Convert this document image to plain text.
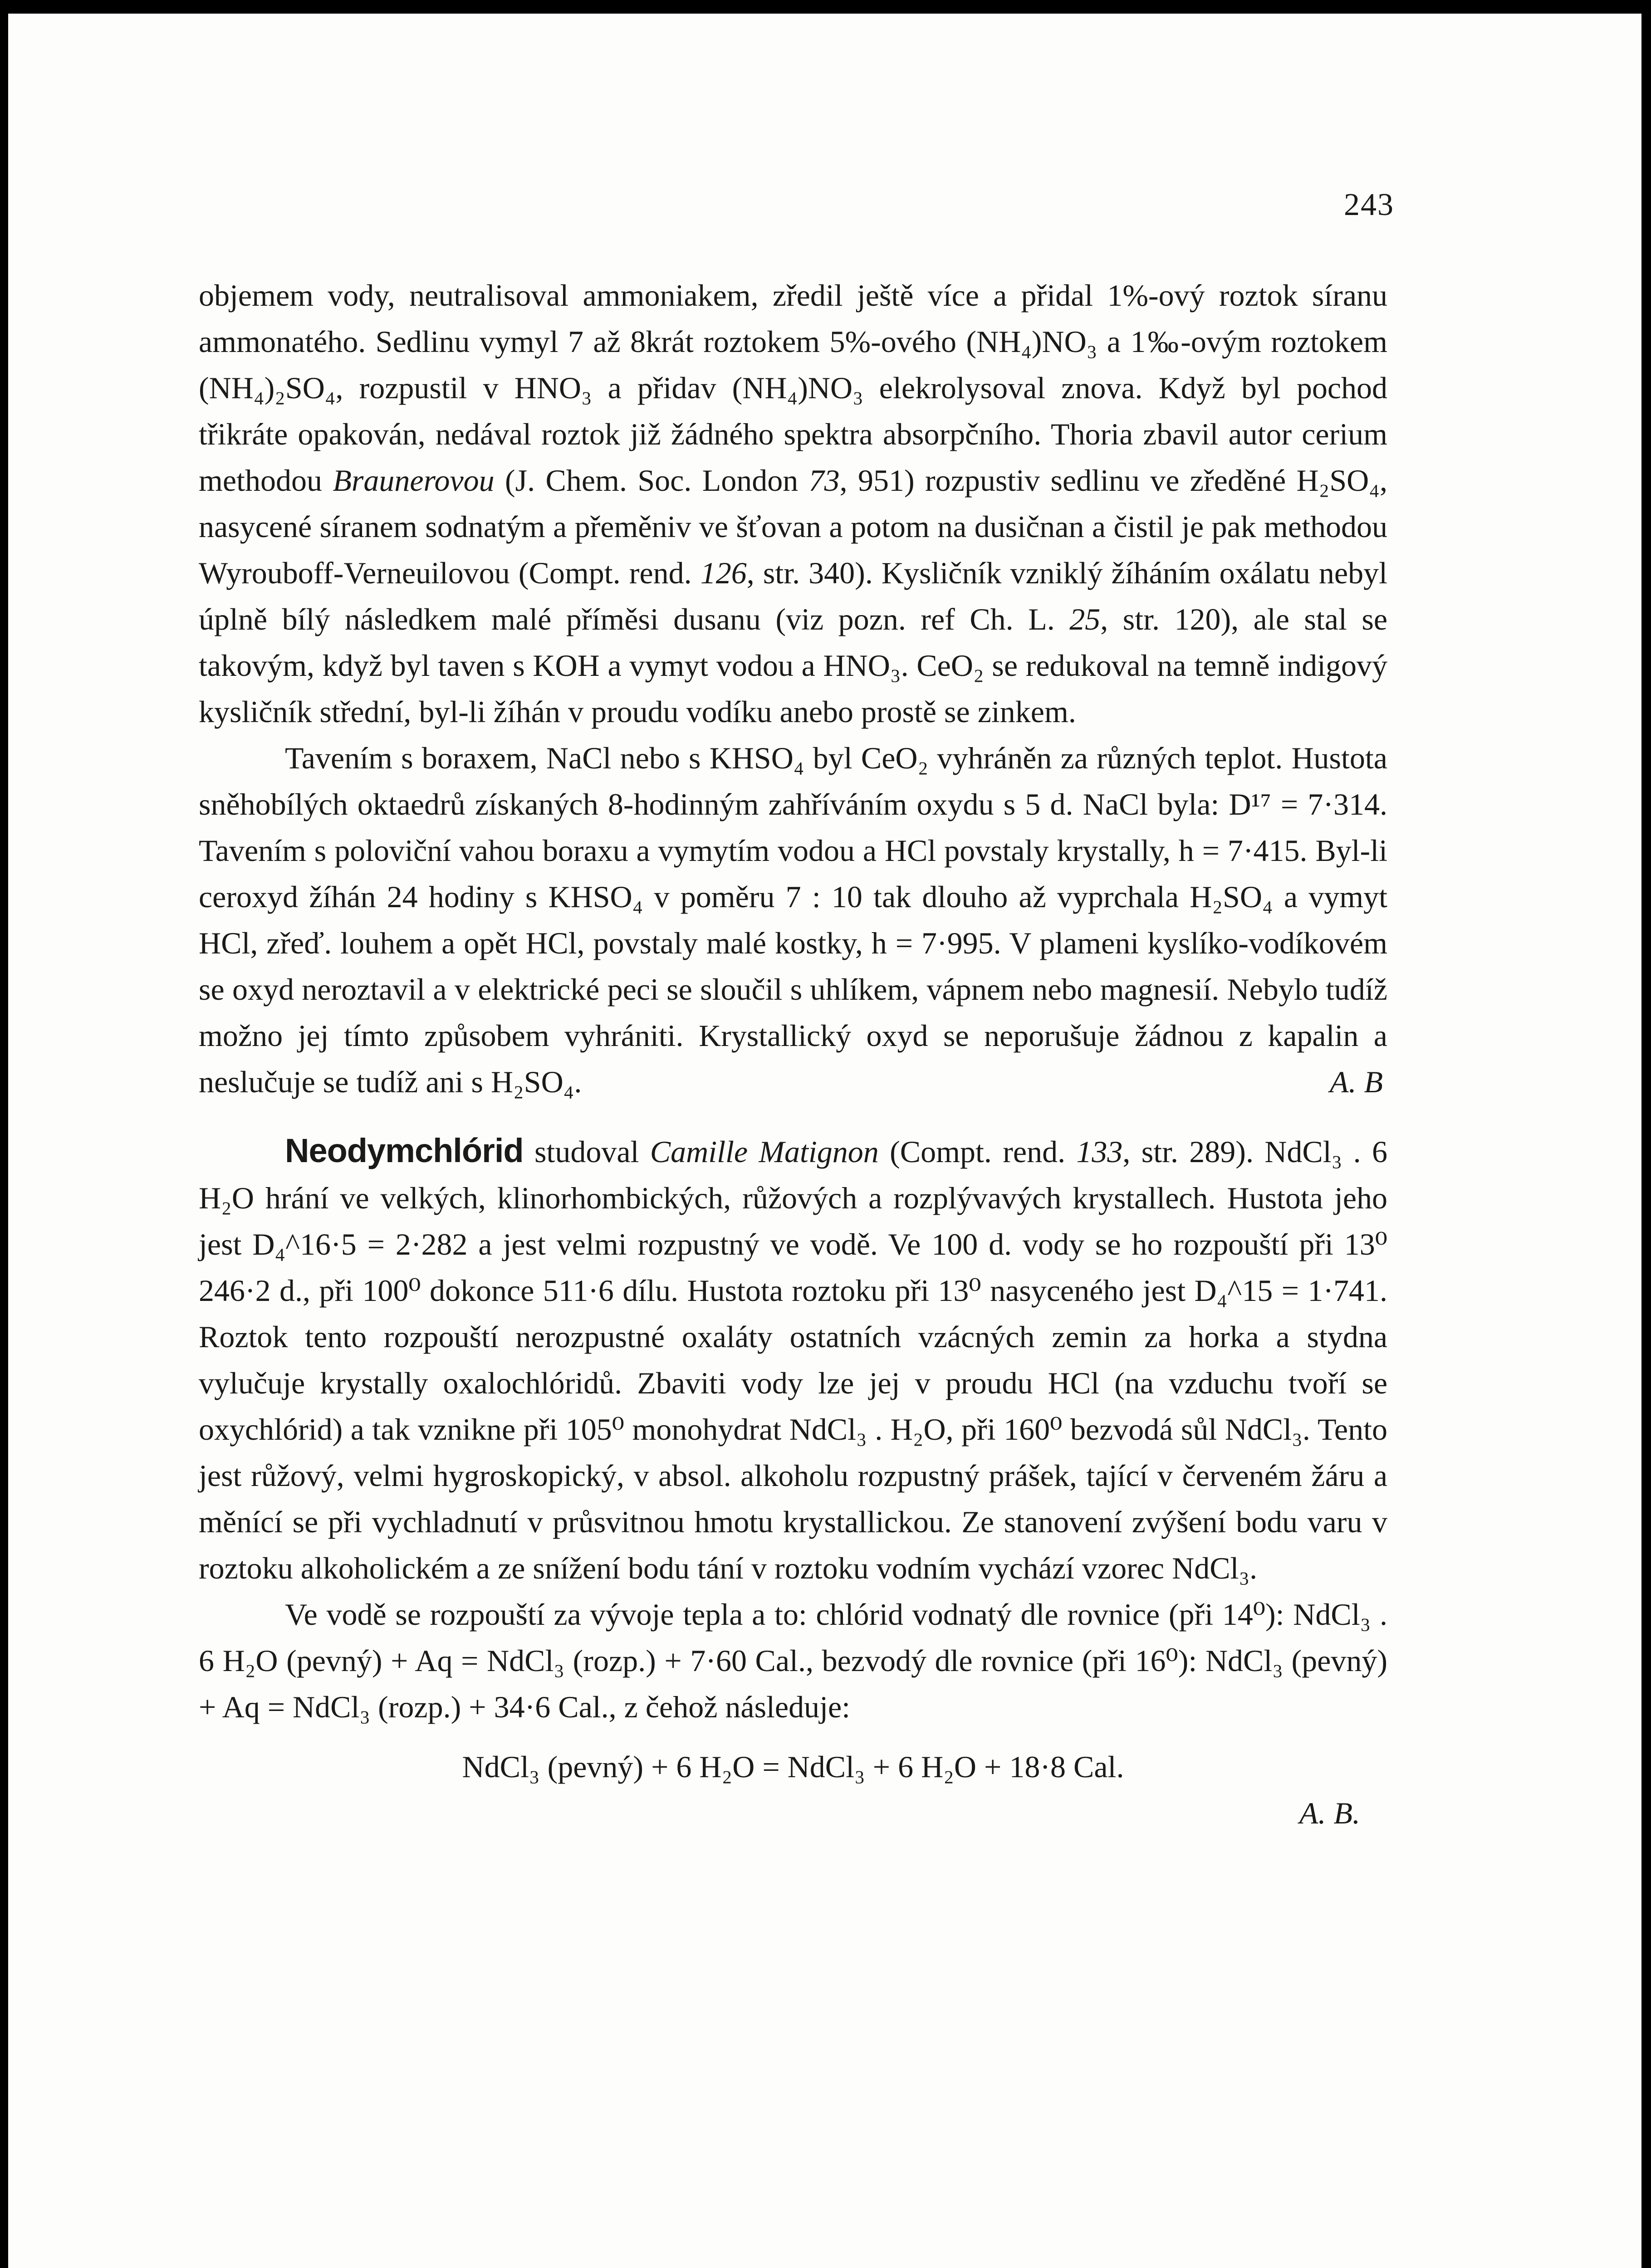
243

objemem vody, neutralisoval ammoniakem, zředil ještě více a přidal 1%-ový roztok síranu ammonatého. Sedlinu vymyl 7 až 8krát roztokem 5%-ového (NH₄)NO₃ a 1‰-ovým roztokem (NH₄)₂SO₄, rozpustil v HNO₃ a přidav (NH₄)NO₃ elekrolysoval znova. Když byl pochod třikráte opakován, nedával roztok již žádného spektra absorpčního. Thoria zbavil autor cerium methodou Braunerovou (J. Chem. Soc. London 73, 951) rozpustiv sedlinu ve zředěné H₂SO₄, nasycené síranem sodnatým a přeměniv ve šťovan a potom na dusičnan a čistil je pak methodou Wyrouboff-Verneuilovou (Compt. rend. 126, str. 340). Kysličník vzniklý žíháním oxálatu nebyl úplně bílý následkem malé příměsi dusanu (viz pozn. ref Ch. L. 25, str. 120), ale stal se takovým, když byl taven s KOH a vymyt vodou a HNO₃. CeO₂ se redukoval na temně indigový kysličník střední, byl-li žíhán v proudu vodíku anebo prostě se zinkem.

Tavením s boraxem, NaCl nebo s KHSO₄ byl CeO₂ vyhráněn za různých teplot. Hustota sněhobílých oktaedrů získaných 8-hodinným zahříváním oxydu s 5 d. NaCl byla: D¹⁷ = 7·314. Tavením s poloviční vahou boraxu a vymytím vodou a HCl povstaly krystally, h = 7·415. Byl-li ceroxyd žíhán 24 hodiny s KHSO₄ v poměru 7 : 10 tak dlouho až vyprchala H₂SO₄ a vymyt HCl, zřeď. louhem a opět HCl, povstaly malé kostky, h = 7·995. V plameni kyslíko-vodíkovém se oxyd neroztavil a v elektrické peci se sloučil s uhlíkem, vápnem nebo magnesií. Nebylo tudíž možno jej tímto způsobem vyhrániti. Krystallický oxyd se neporušuje žádnou z kapalin a neslučuje se tudíž ani s H₂SO₄.	A. B

Neodymchlórid studoval Camille Matignon (Compt. rend. 133, str. 289). NdCl₃ . 6 H₂O hrání ve velkých, klinorhombických, růžových a rozplývavých krystallech. Hustota jeho jest D₄^16·5 = 2·282 a jest velmi rozpustný ve vodě. Ve 100 d. vody se ho rozpouští při 13⁰ 246·2 d., při 100⁰ dokonce 511·6 dílu. Hustota roztoku při 13⁰ nasyceného jest D₄^15 = 1·741. Roztok tento rozpouští nerozpustné oxaláty ostatních vzácných zemin za horka a stydna vylučuje krystally oxalochlóridů. Zbaviti vody lze jej v proudu HCl (na vzduchu tvoří se oxychlórid) a tak vznikne při 105⁰ monohydrat NdCl₃ . H₂O, při 160⁰ bezvodá sůl NdCl₃. Tento jest růžový, velmi hygroskopický, v absol. alkoholu rozpustný prášek, tající v červeném žáru a měnící se při vychladnutí v průsvitnou hmotu krystallickou. Ze stanovení zvýšení bodu varu v roztoku alkoholickém a ze snížení bodu tání v roztoku vodním vychází vzorec NdCl₃.

Ve vodě se rozpouští za vývoje tepla a to: chlórid vodnatý dle rovnice (při 14⁰): NdCl₃ . 6 H₂O (pevný) + Aq = NdCl₃ (rozp.) + 7·60 Cal., bezvodý dle rovnice (při 16⁰): NdCl₃ (pevný) + Aq = NdCl₃ (rozp.) + 34·6 Cal., z čehož následuje:

NdCl₃ (pevný) + 6 H₂O = NdCl₃ + 6 H₂O + 18·8 Cal.

A. B.
